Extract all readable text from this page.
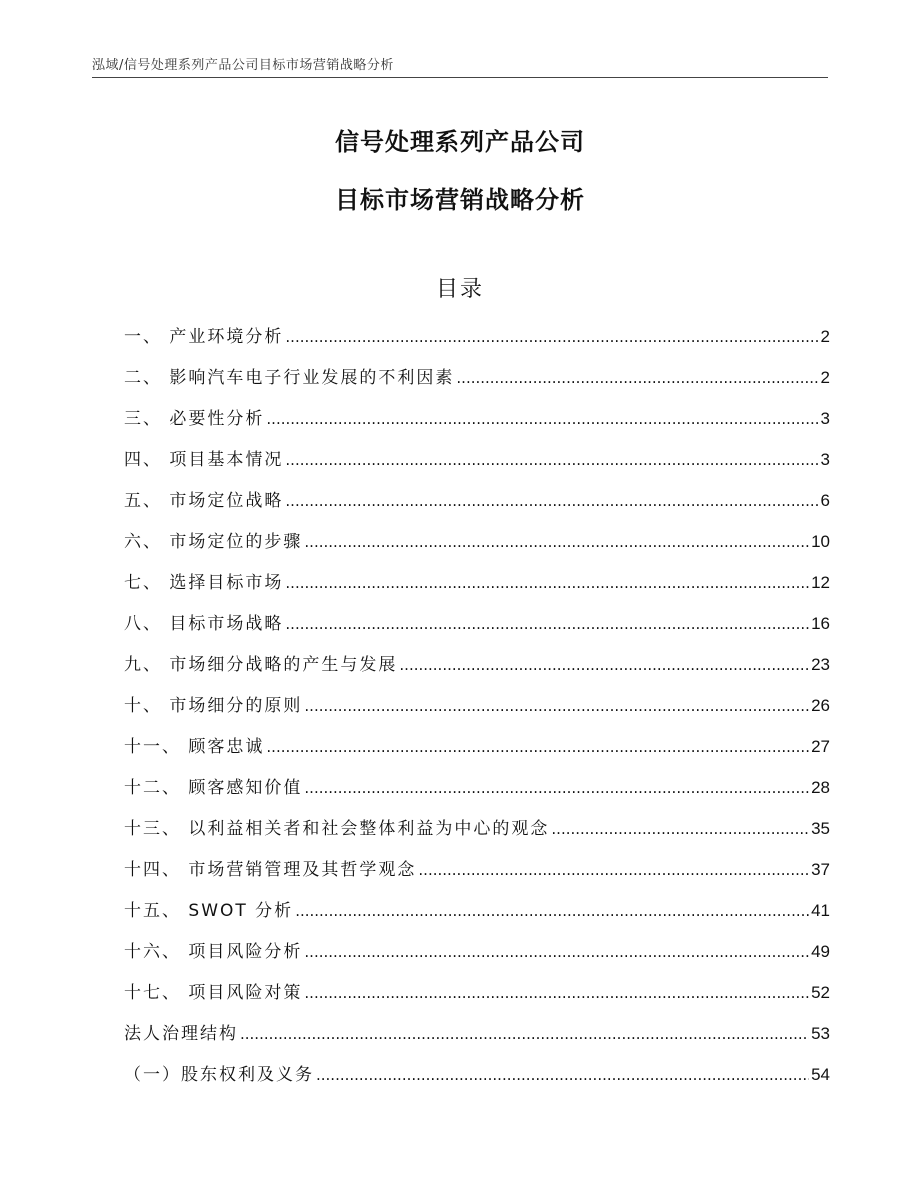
泓域/信号处理系列产品公司目标市场营销战略分析
信号处理系列产品公司
目标市场营销战略分析
目录
一、 产业环境分析 .....	2
二、 影响汽车电子行业发展的不利因素 .....	2
三、 必要性分析 .....	3
四、 项目基本情况 .....	3
五、 市场定位战略 .....	6
六、 市场定位的步骤 .....	10
七、 选择目标市场 .....	12
八、 目标市场战略 .....	16
九、 市场细分战略的产生与发展 .....	23
十、 市场细分的原则 .....	26
十一、 顾客忠诚 .....	27
十二、 顾客感知价值 .....	28
十三、 以利益相关者和社会整体利益为中心的观念 .....	35
十四、 市场营销管理及其哲学观念 .....	37
十五、 SWOT 分析 .....	41
十六、 项目风险分析 .....	49
十七、 项目风险对策 .....	52
法人治理结构 .....	53
（一）股东权利及义务 .....	54
